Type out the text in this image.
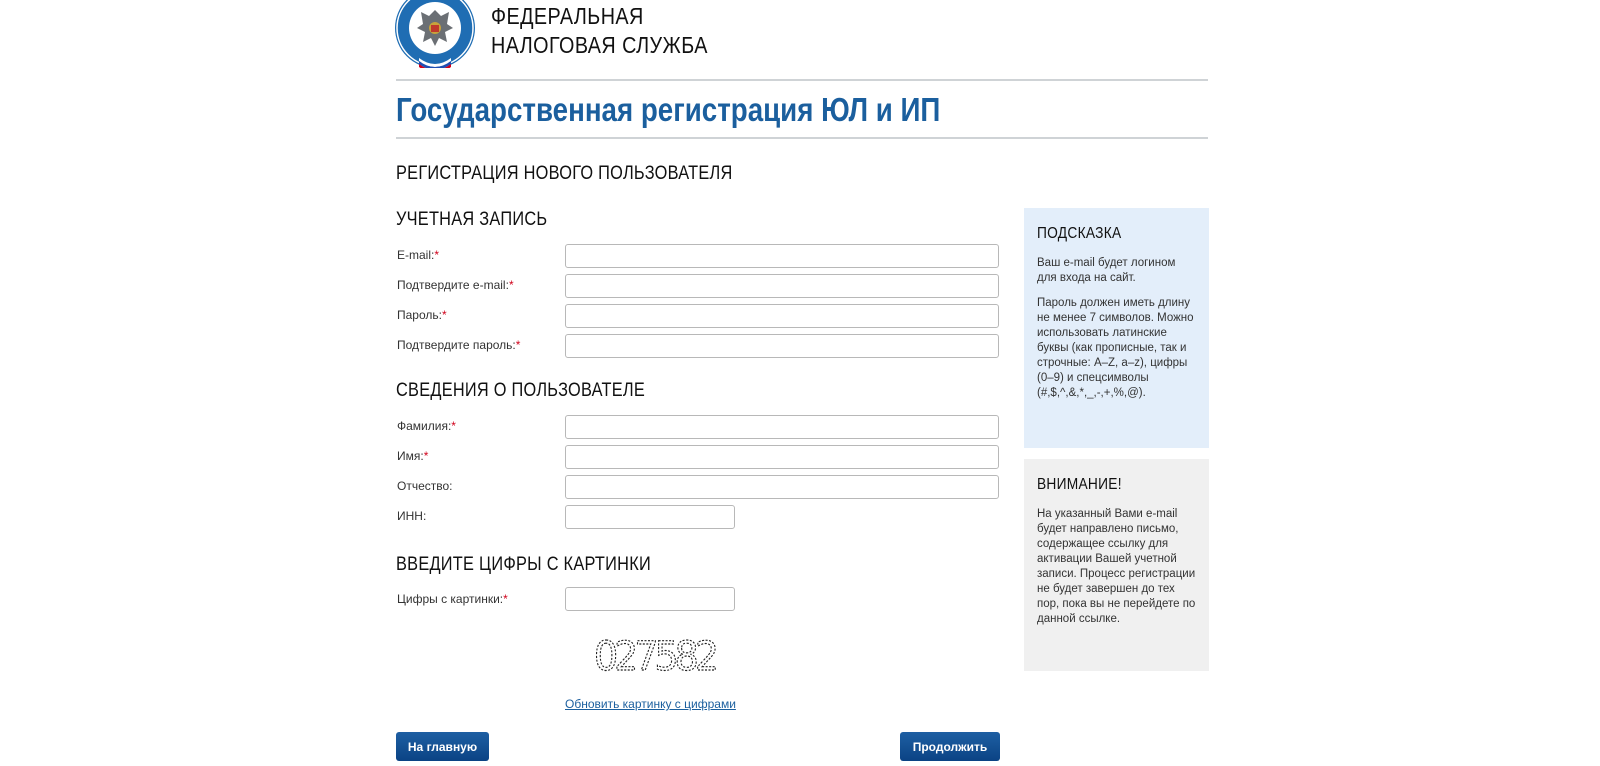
ФЕДЕРАЛЬНАЯ
НАЛОГОВАЯ СЛУЖБА
Государственная регистрация ЮЛ и ИП
РЕГИСТРАЦИЯ НОВОГО ПОЛЬЗОВАТЕЛЯ
УЧЕТНАЯ ЗАПИСЬ
E-mail:*
Подтвердите e-mail:*
Пароль:*
Подтвердите пароль:*
СВЕДЕНИЯ О ПОЛЬЗОВАТЕЛЕ
Фамилия:*
Имя:*
Отчество:
ИНН:
ВВЕДИТЕ ЦИФРЫ С КАРТИНКИ
Цифры с картинки:*
027582
Обновить картинку с цифрами
На главную	Продолжить
ПОДСКАЗКА

Ваш e-mail будет логином для входа на сайт.

Пароль должен иметь длину не менее 7 символов. Можно использовать латинские буквы (как прописные, так и строчные: A–Z, a–z), цифры (0–9) и спецсимволы (#,$,^,&,*,_,-,+,%,@).

ВНИМАНИЕ!
На указанный Вами e-mail будет направлено письмо, содержащее ссылку для активации Вашей учетной записи. Процесс регистрации не будет завершен до тех пор, пока вы не перейдете по данной ссылке.
